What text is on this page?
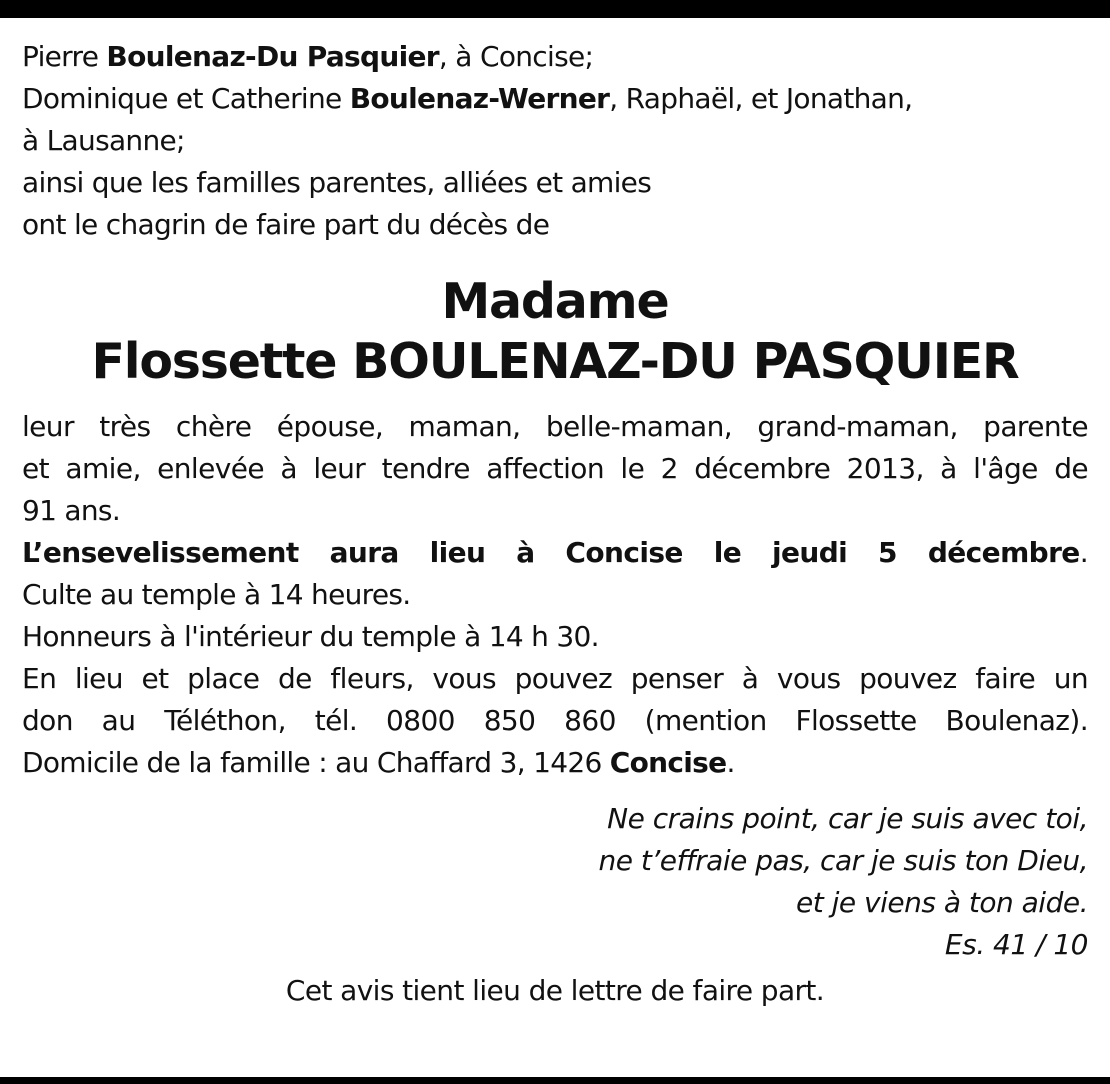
Pierre Boulenaz-Du Pasquier, à Concise;
Dominique et Catherine Boulenaz-Werner, Raphaël, et Jonathan,
à Lausanne;
ainsi que les familles parentes, alliées et amies
ont le chagrin de faire part du décès de
Madame
Flossette BOULENAZ-DU PASQUIER
leur très chère épouse, maman, belle-maman, grand-maman, parente
et amie, enlevée à leur tendre affection le 2 décembre 2013, à l'âge de
91 ans.
L’ensevelissement aura lieu à Concise le jeudi 5 décembre.
Culte au temple à 14 heures.
Honneurs à l'intérieur du temple à 14 h 30.
En lieu et place de fleurs, vous pouvez penser à vous pouvez faire un
don au Téléthon, tél. 0800 850 860 (mention Flossette Boulenaz).
Domicile de la famille : au Chaffard 3, 1426 Concise.
Ne crains point, car je suis avec toi,
ne t’effraie pas, car je suis ton Dieu,
et je viens à ton aide.
Es. 41 / 10
Cet avis tient lieu de lettre de faire part.
